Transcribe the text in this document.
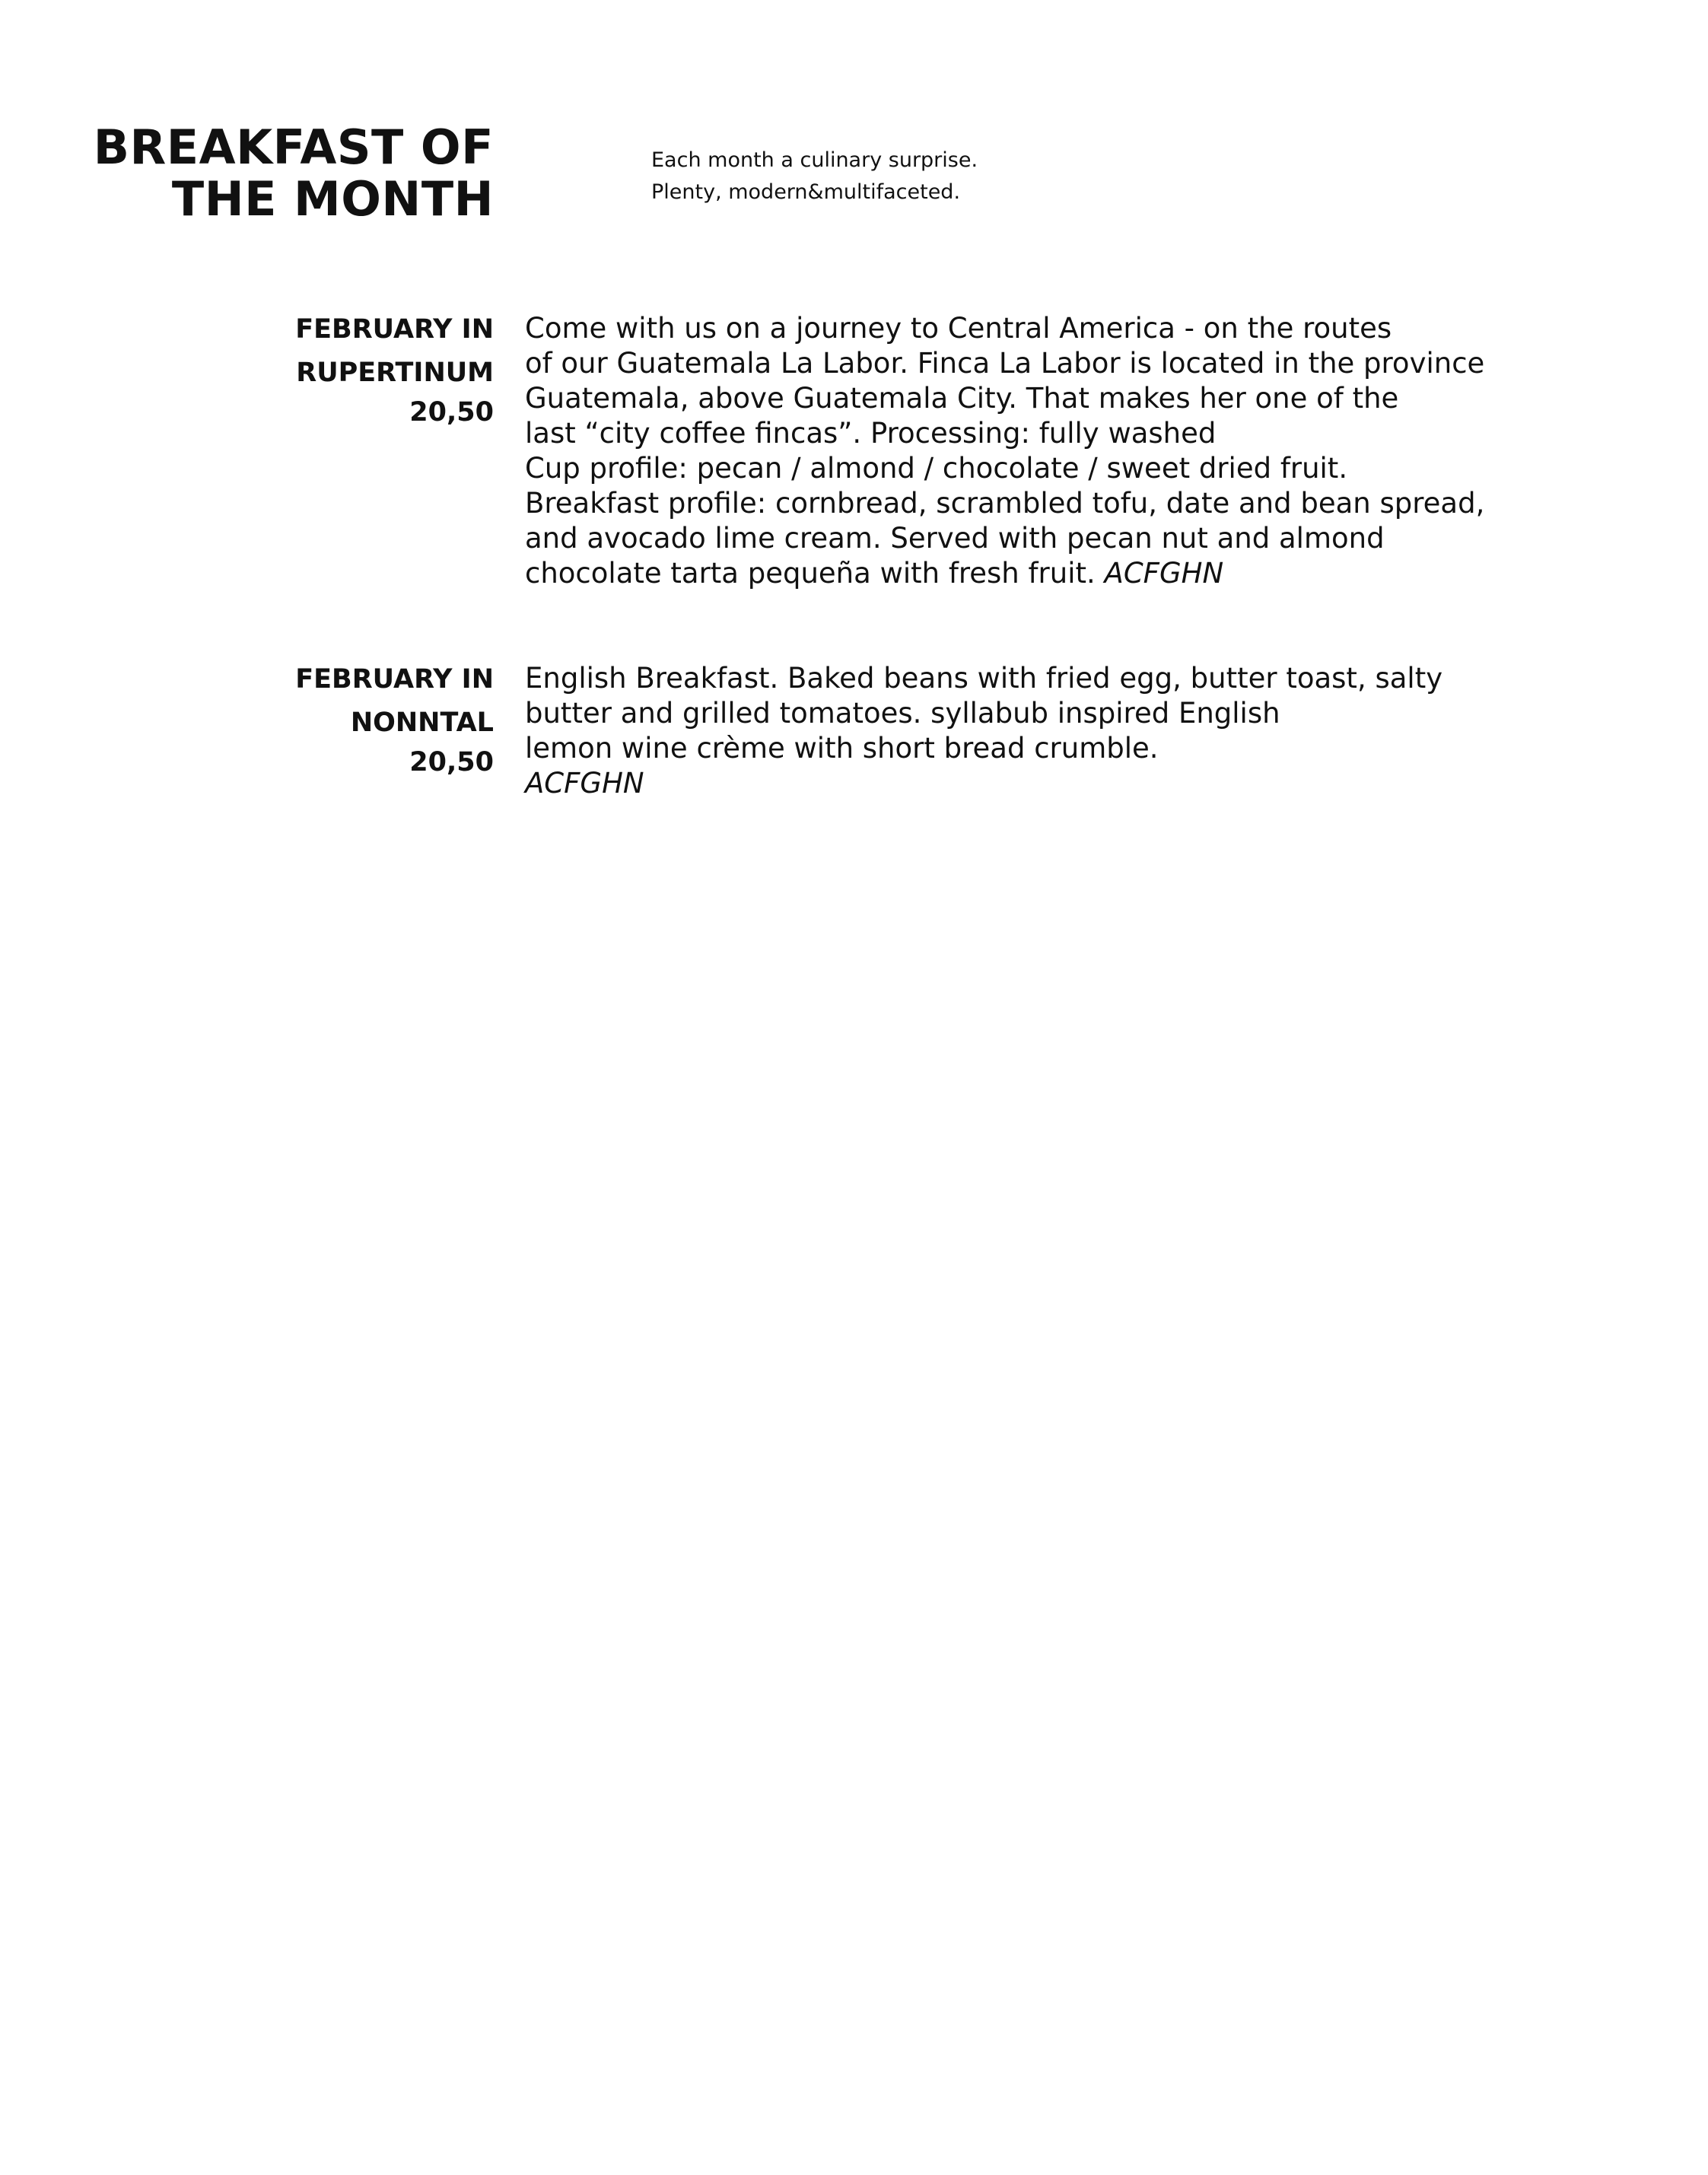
BREAKFAST OF
THE MONTH
Each month a culinary surprise.
Plenty, modern&multifaceted.
FEBRUARY IN
RUPERTINUM
20,50
Come with us on a journey to Central America - on the routes
of our Guatemala La Labor. Finca La Labor is located in the province
Guatemala, above Guatemala City. That makes her one of the
last “city coffee fincas”. Processing: fully washed
Cup profile: pecan / almond / chocolate / sweet dried fruit.
Breakfast profile: cornbread, scrambled tofu, date and bean spread,
and avocado lime cream. Served with pecan nut and almond
chocolate tarta pequeña with fresh fruit. ACFGHN
FEBRUARY IN
NONNTAL
20,50
English Breakfast. Baked beans with fried egg, butter toast, salty
butter and grilled tomatoes. syllabub inspired English
lemon wine crème with short bread crumble.
ACFGHN
